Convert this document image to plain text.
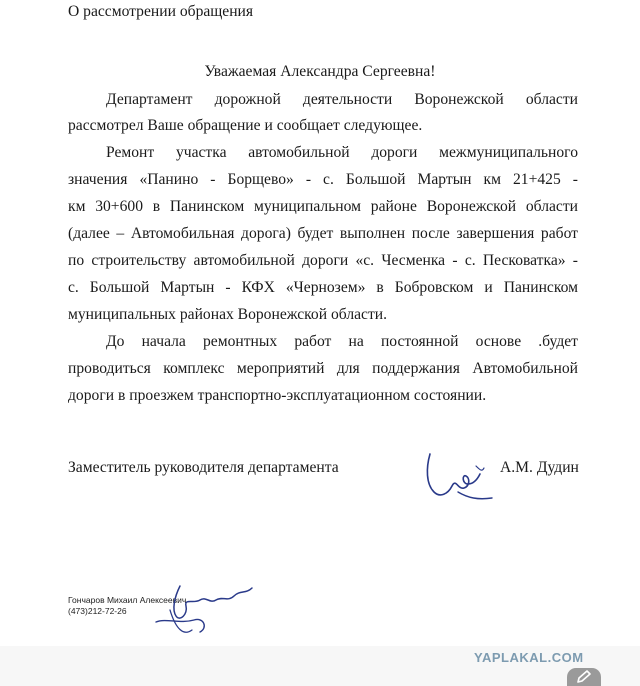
О рассмотрении обращения
Уважаемая Александра Сергеевна!
Департамент дорожной деятельности Воронежской области
рассмотрел Ваше обращение и сообщает следующее.
Ремонт участка автомобильной дороги межмуниципального
значения «Панино - Борщево» - с. Большой Мартын км 21+425 -
км 30+600 в Панинском муниципальном районе Воронежской области
(далее – Автомобильная дорога) будет выполнен после завершения работ
по строительству автомобильной дороги «с. Чесменка - с. Песковатка» -
с. Большой Мартын - КФХ «Чернозем» в Бобровском и Панинском
муниципальных районах Воронежской области.
До начала ремонтных работ на постоянной основе .будет
проводиться комплекс мероприятий для поддержания Автомобильной
дороги в проезжем транспортно-эксплуатационном состоянии.
Заместитель руководителя департамента	А.М. Дудин
Гончаров Михаил Алексеевич
(473)212-72-26
YAPLAKAL.COM
